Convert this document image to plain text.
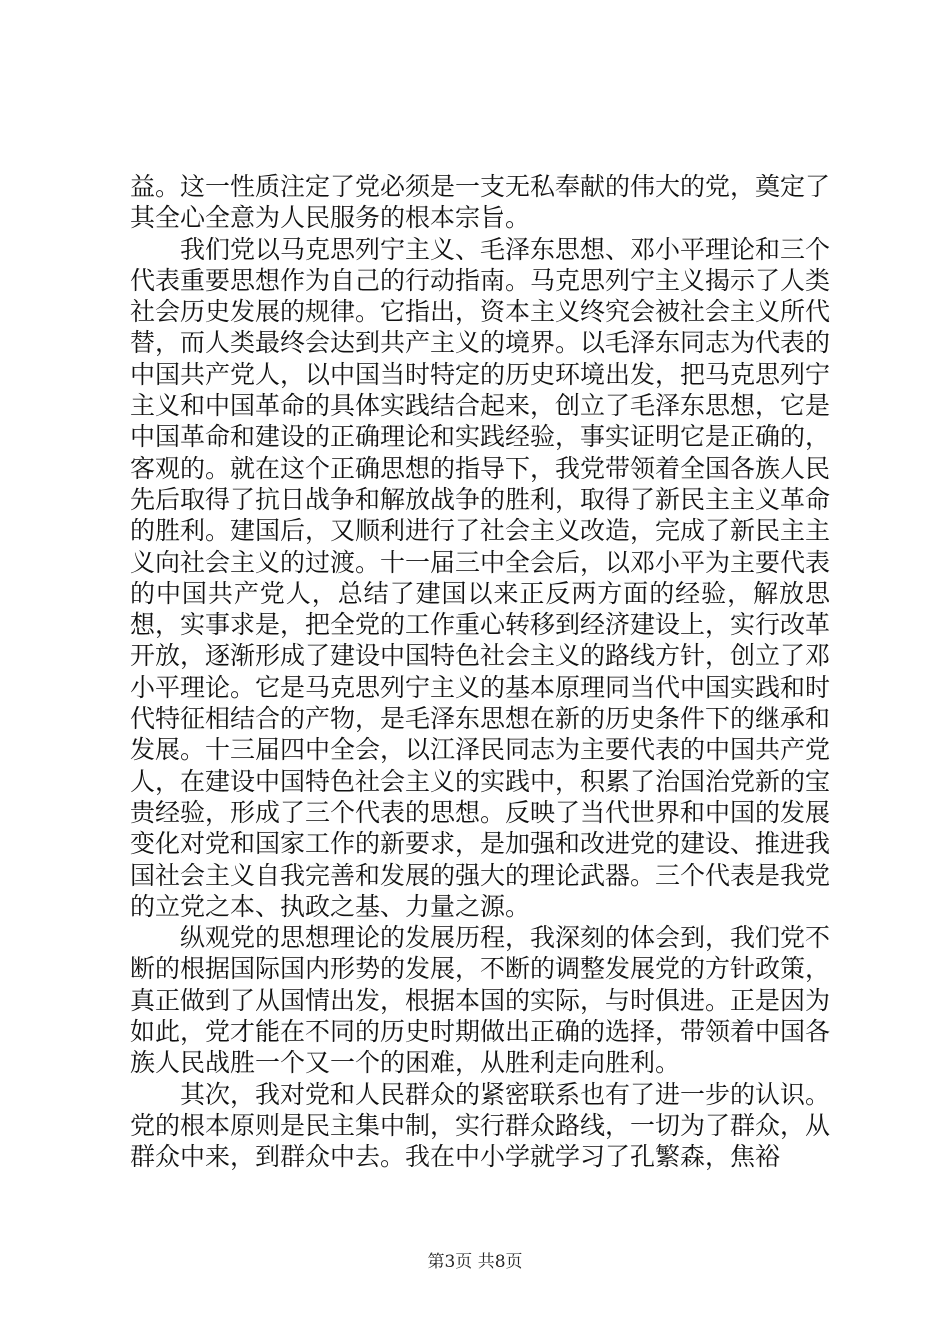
益。这一性质注定了党必须是一支无私奉献的伟大的党，奠定了其全心全意为人民服务的根本宗旨。

我们党以马克思列宁主义、毛泽东思想、邓小平理论和三个代表重要思想作为自己的行动指南。马克思列宁主义揭示了人类社会历史发展的规律。它指出，资本主义终究会被社会主义所代替，而人类最终会达到共产主义的境界。以毛泽东同志为代表的中国共产党人，以中国当时特定的历史环境出发，把马克思列宁主义和中国革命的具体实践结合起来，创立了毛泽东思想，它是中国革命和建设的正确理论和实践经验，事实证明它是正确的，客观的。就在这个正确思想的指导下，我党带领着全国各族人民先后取得了抗日战争和解放战争的胜利，取得了新民主主义革命的胜利。建国后，又顺利进行了社会主义改造，完成了新民主主义向社会主义的过渡。十一届三中全会后，以邓小平为主要代表的中国共产党人，总结了建国以来正反两方面的经验，解放思想，实事求是，把全党的工作重心转移到经济建设上，实行改革开放，逐渐形成了建设中国特色社会主义的路线方针，创立了邓小平理论。它是马克思列宁主义的基本原理同当代中国实践和时代特征相结合的产物，是毛泽东思想在新的历史条件下的继承和发展。十三届四中全会，以江泽民同志为主要代表的中国共产党人，在建设中国特色社会主义的实践中，积累了治国治党新的宝贵经验，形成了三个代表的思想。反映了当代世界和中国的发展变化对党和国家工作的新要求，是加强和改进党的建设、推进我国社会主义自我完善和发展的强大的理论武器。三个代表是我党的立党之本、执政之基、力量之源。

纵观党的思想理论的发展历程，我深刻的体会到，我们党不断的根据国际国内形势的发展，不断的调整发展党的方针政策，真正做到了从国情出发，根据本国的实际，与时俱进。正是因为如此，党才能在不同的历史时期做出正确的选择，带领着中国各族人民战胜一个又一个的困难，从胜利走向胜利。

其次，我对党和人民群众的紧密联系也有了进一步的认识。党的根本原则是民主集中制，实行群众路线，一切为了群众，从群众中来，到群众中去。我在中小学就学习了孔繁森，焦裕

第3页 共8页
